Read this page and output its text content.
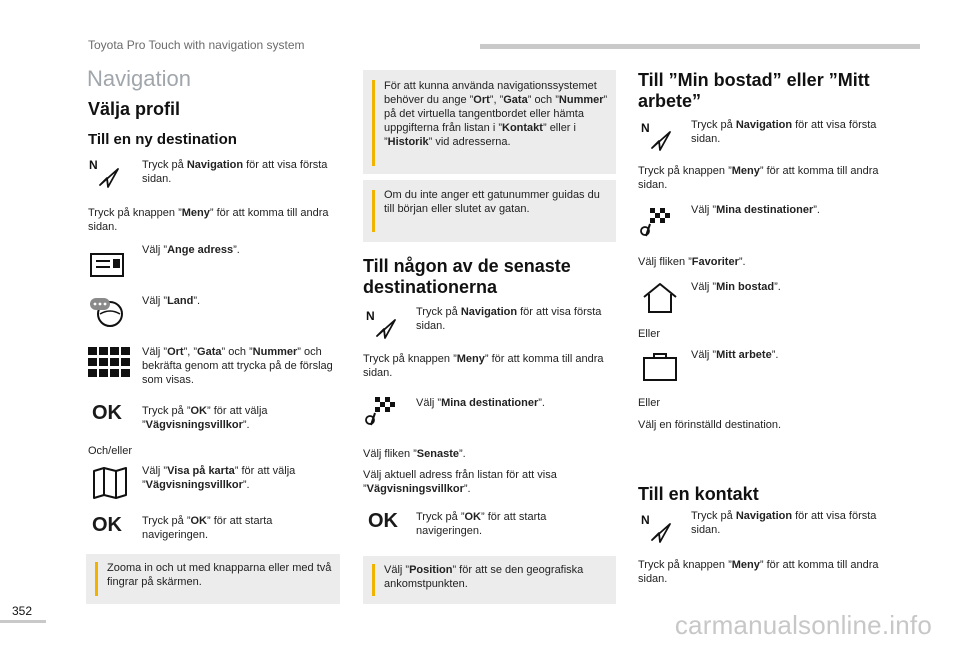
Toyota Pro Touch with navigation system
Navigation
Välja profil
Till en ny destination
N	Tryck på Navigation för att visa första sidan.
Tryck på knappen ”Meny” för att komma till andra sidan.
Välj ”Ange adress”.
Välj ”Land”.
Välj ”Ort”, ”Gata” och ”Nummer” och bekräfta genom att trycka på de förslag som visas.
OK Tryck på ”OK” för att välja ”Vägvisningsvillkor”.
Och/eller
Välj ”Visa på karta” för att välja ”Vägvisningsvillkor”.
OK Tryck på ”OK” för att starta navigeringen.
Zooma in och ut med knapparna eller med två fingrar på skärmen.
För att kunna använda navigationssystemet behöver du ange ”Ort”, ”Gata” och ”Nummer” på det virtuella tangentbordet eller hämta uppgifterna från listan i ”Kontakt” eller i ”Historik” vid adresserna.
Om du inte anger ett gatunummer guidas du till början eller slutet av gatan.
Till någon av de senaste destinationerna
N	Tryck på Navigation för att visa första sidan.
Tryck på knappen ”Meny” för att komma till andra sidan.
Välj ”Mina destinationer”.
Välj fliken ”Senaste”.
Välj aktuell adress från listan för att visa ”Vägvisningsvillkor”.
OK Tryck på ”OK” för att starta navigeringen.
Välj ”Position” för att se den geografiska ankomstpunkten.
Till ”Min bostad” eller ”Mitt arbete”
N	Tryck på Navigation för att visa första sidan.
Tryck på knappen ”Meny” för att komma till andra sidan.
Välj ”Mina destinationer”.
Välj fliken ”Favoriter”.
Välj ”Min bostad”.
Eller
Välj ”Mitt arbete”.
Eller
Välj en förinställd destination.
Till en kontakt
N	Tryck på Navigation för att visa första sidan.
Tryck på knappen ”Meny” för att komma till andra sidan.
352	carmanualsonline.info
